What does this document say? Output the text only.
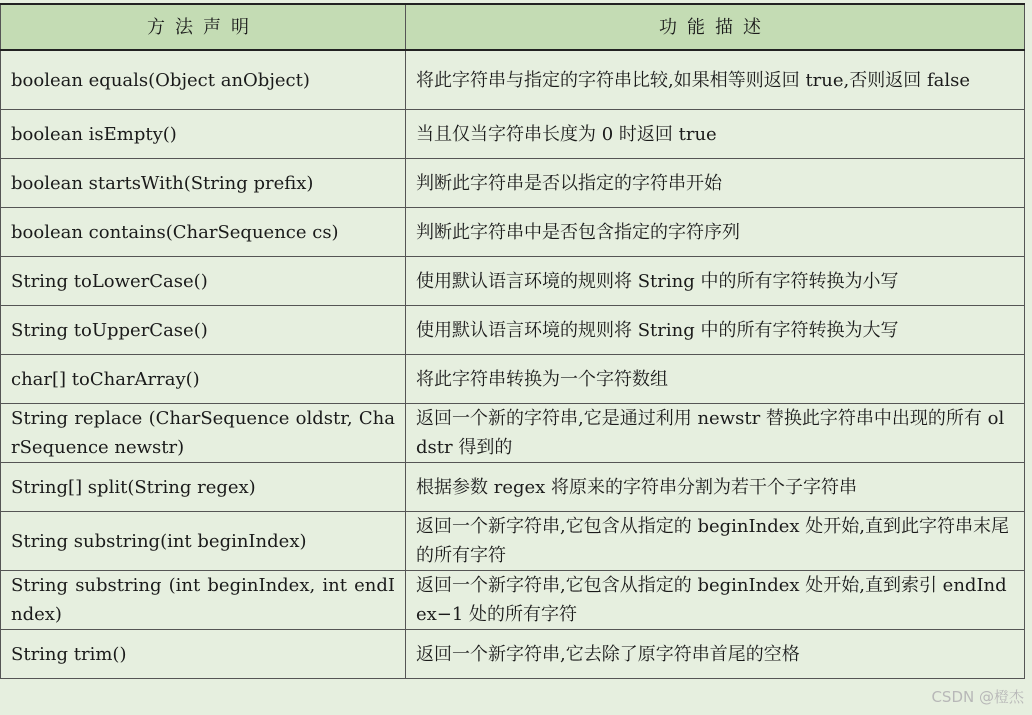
方法声明	功能描述
boolean equals(Object anObject)	将此字符串与指定的字符串比较,如果相等则返回 true,否则返回 false
boolean isEmpty()	当且仅当字符串长度为 0 时返回 true
boolean startsWith(String prefix)	判断此字符串是否以指定的字符串开始
boolean contains(CharSequence cs)	判断此字符串中是否包含指定的字符序列
String toLowerCase()	使用默认语言环境的规则将 String 中的所有字符转换为小写
String toUpperCase()	使用默认语言环境的规则将 String 中的所有字符转换为大写
char[] toCharArray()	将此字符串转换为一个字符数组
String replace (CharSequence oldstr, CharSequence newstr)	返回一个新的字符串,它是通过利用 newstr 替换此字符串中出现的所有 oldstr 得到的
String[] split(String regex)	根据参数 regex 将原来的字符串分割为若干个子字符串
String substring(int beginIndex)	返回一个新字符串,它包含从指定的 beginIndex 处开始,直到此字符串末尾的所有字符
String substring (int beginIndex, int endIndex)	返回一个新字符串,它包含从指定的 beginIndex 处开始,直到索引 endIndex−1 处的所有字符
String trim()	返回一个新字符串,它去除了原字符串首尾的空格
CSDN @橙杰
